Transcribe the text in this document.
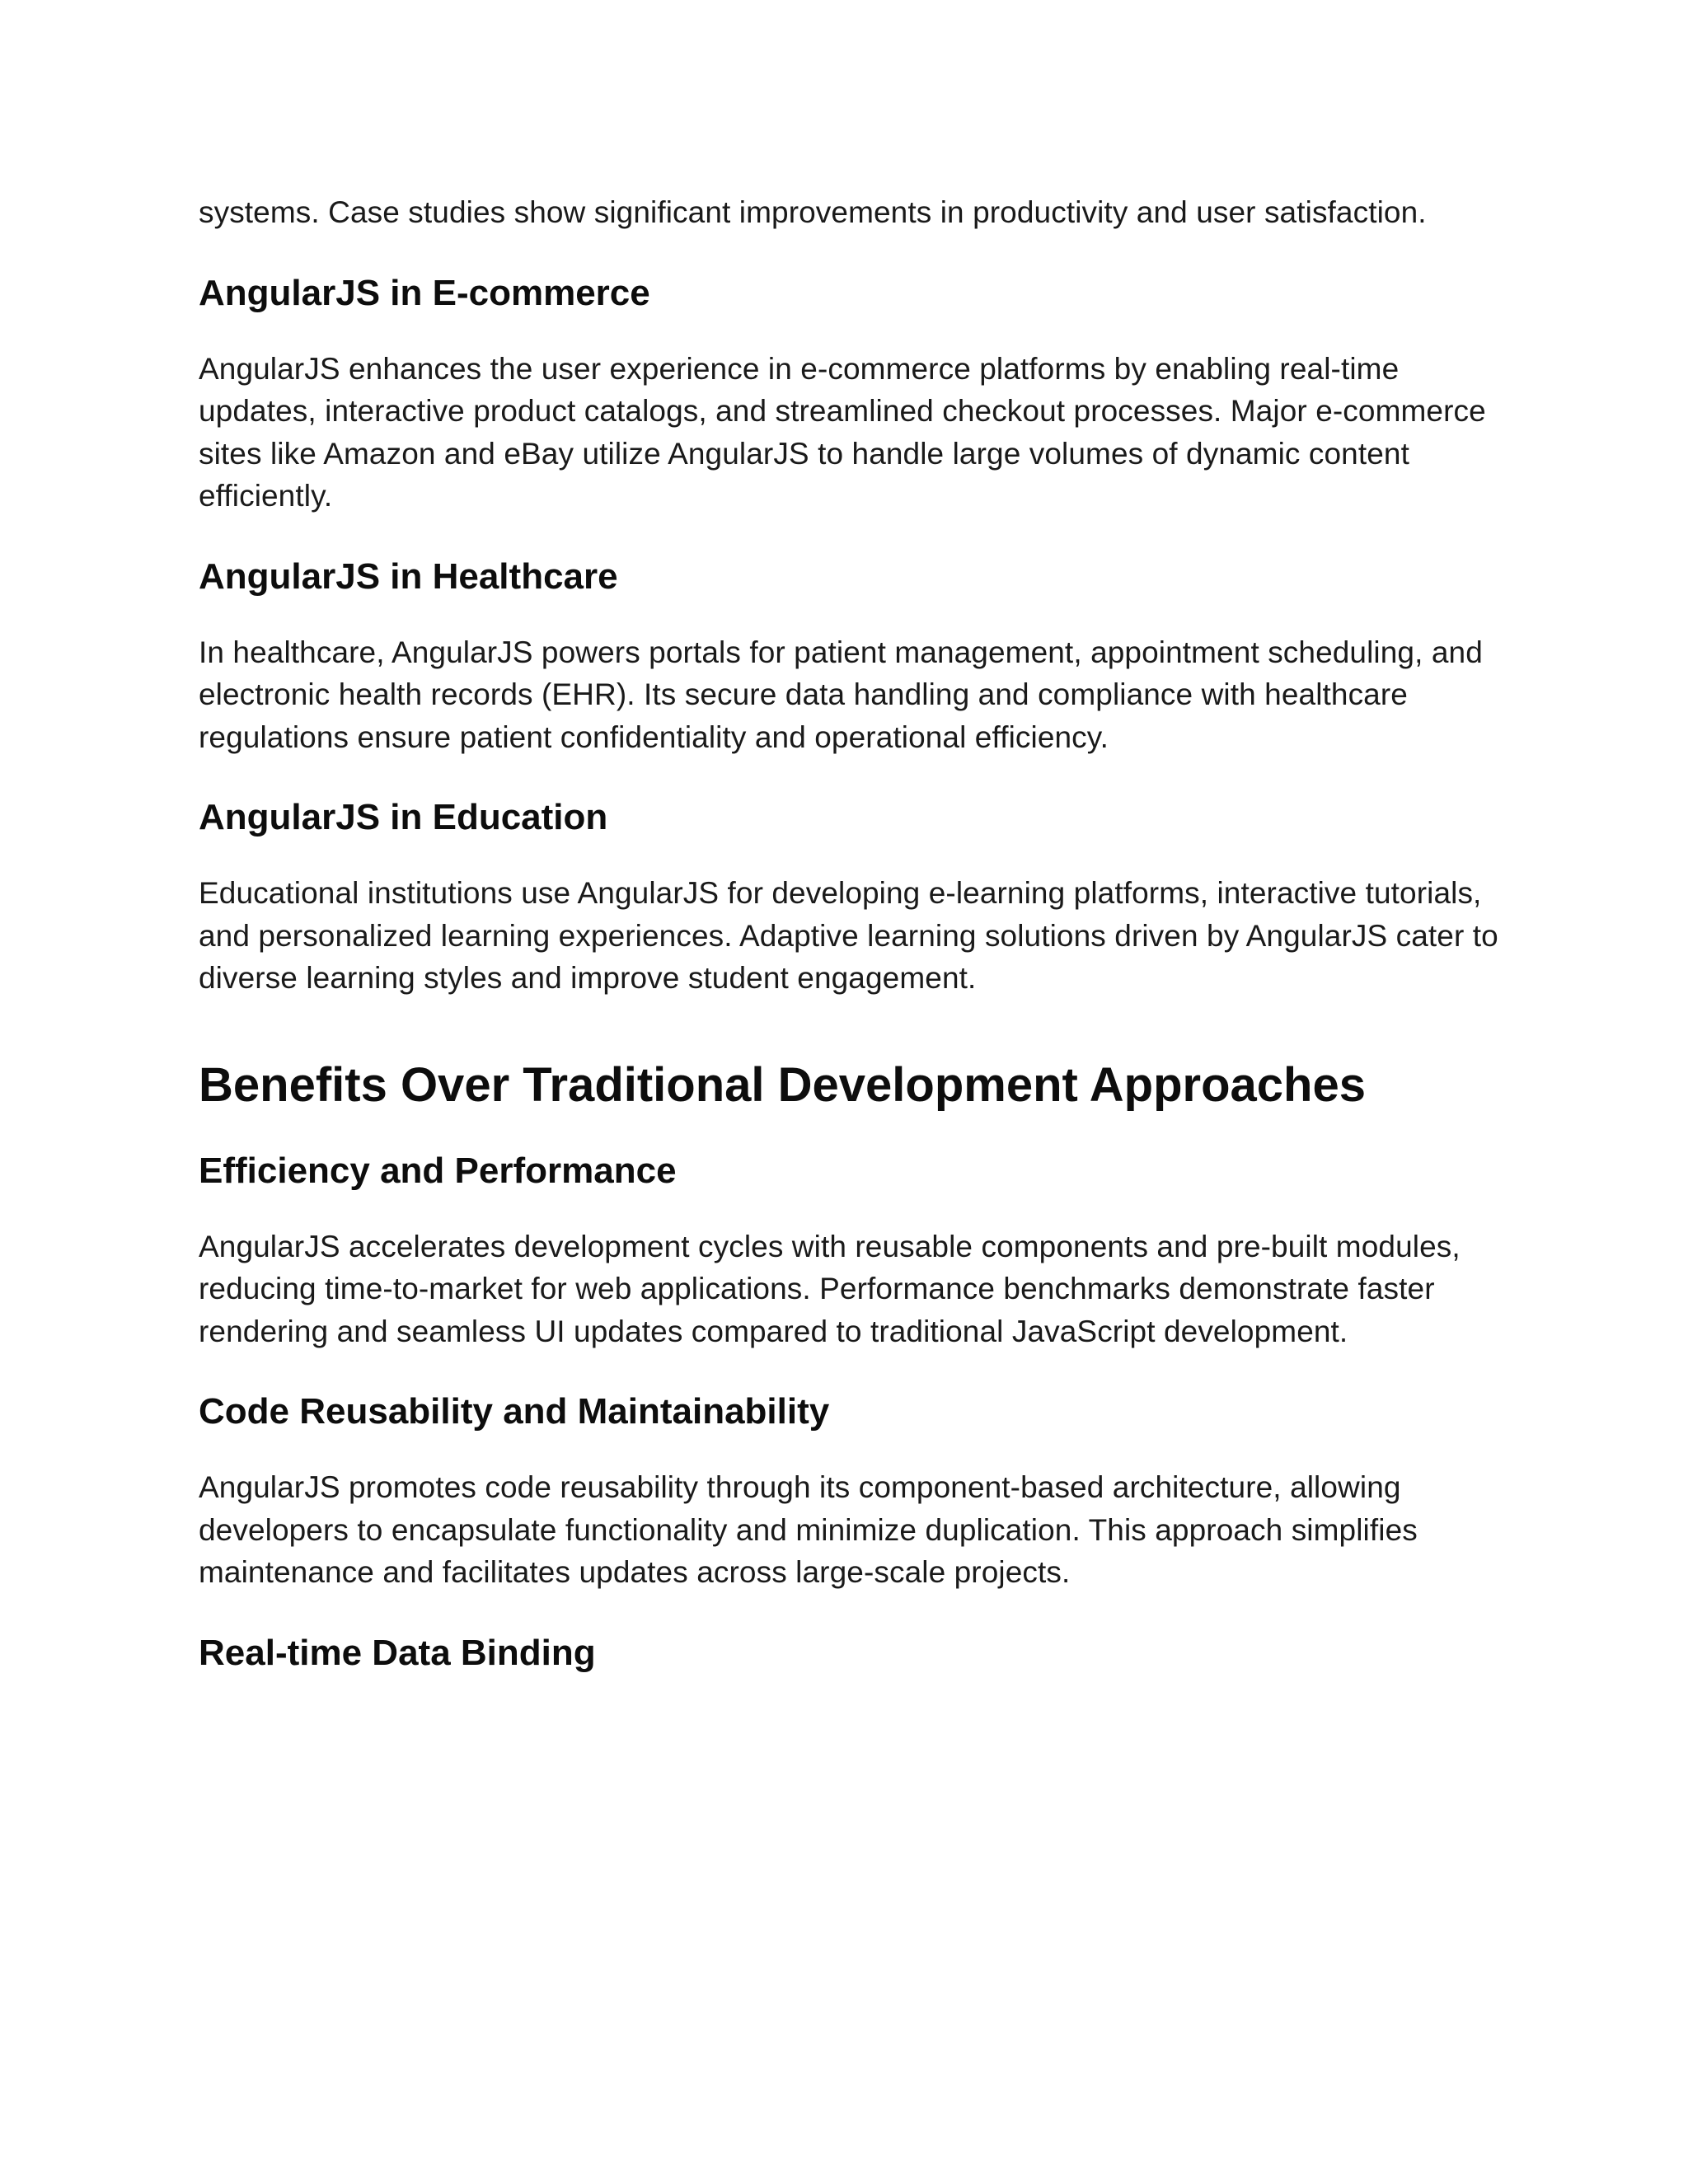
systems. Case studies show significant improvements in productivity and user satisfaction.

AngularJS in E-commerce

AngularJS enhances the user experience in e-commerce platforms by enabling real-time updates, interactive product catalogs, and streamlined checkout processes. Major e-commerce sites like Amazon and eBay utilize AngularJS to handle large volumes of dynamic content efficiently.

AngularJS in Healthcare

In healthcare, AngularJS powers portals for patient management, appointment scheduling, and electronic health records (EHR). Its secure data handling and compliance with healthcare regulations ensure patient confidentiality and operational efficiency.

AngularJS in Education

Educational institutions use AngularJS for developing e-learning platforms, interactive tutorials, and personalized learning experiences. Adaptive learning solutions driven by AngularJS cater to diverse learning styles and improve student engagement.

Benefits Over Traditional Development Approaches
Efficiency and Performance

AngularJS accelerates development cycles with reusable components and pre-built modules, reducing time-to-market for web applications. Performance benchmarks demonstrate faster rendering and seamless UI updates compared to traditional JavaScript development.

Code Reusability and Maintainability

AngularJS promotes code reusability through its component-based architecture, allowing developers to encapsulate functionality and minimize duplication. This approach simplifies maintenance and facilitates updates across large-scale projects.

Real-time Data Binding
